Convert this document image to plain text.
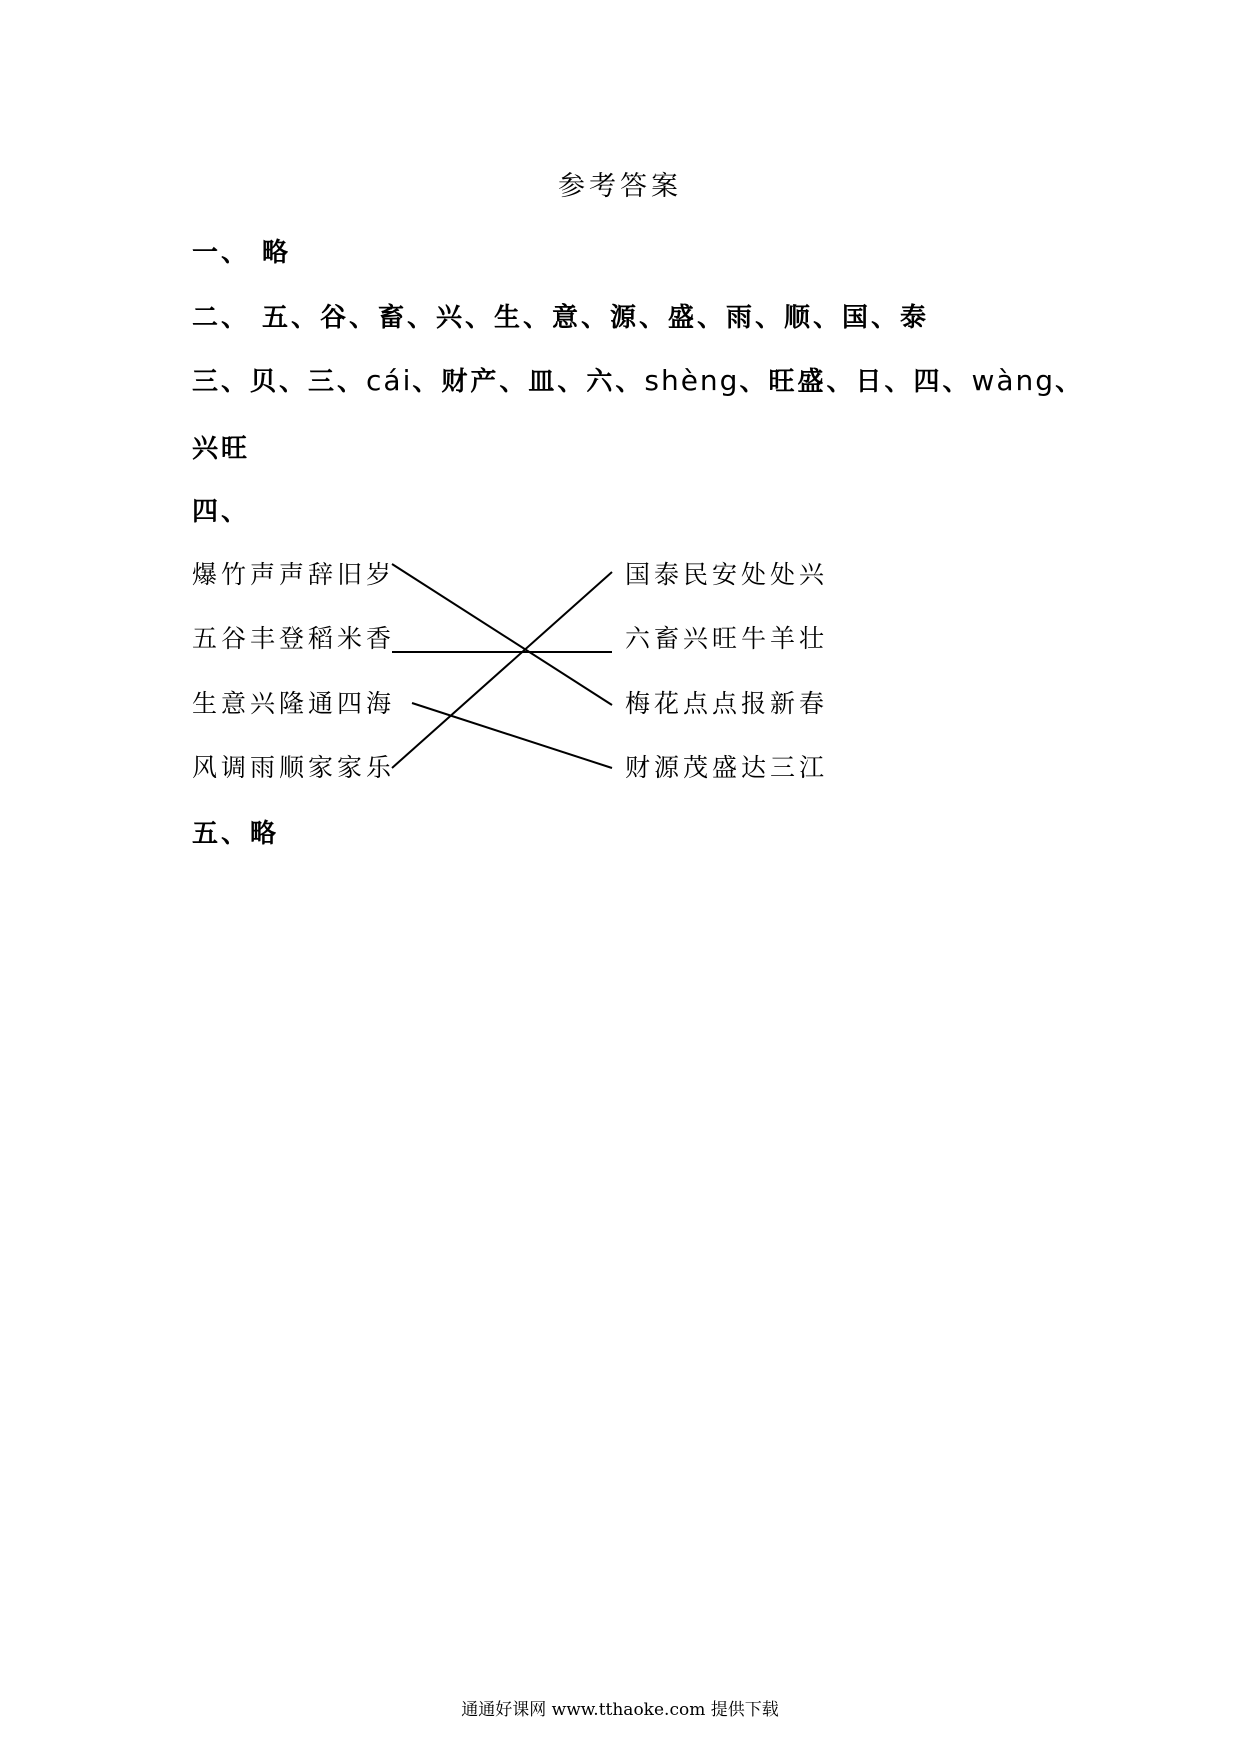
参考答案
一、 略
二、 五、谷、畜、兴、生、意、源、盛、雨、顺、国、泰
三、贝、三、cái、财产、皿、六、shèng、旺盛、日、四、wàng、
兴旺
四、
爆竹声声辞旧岁
五谷丰登稻米香
生意兴隆通四海
风调雨顺家家乐
国泰民安处处兴
六畜兴旺牛羊壮
梅花点点报新春
财源茂盛达三江
五、略
通通好课网 www.tthaoke.com 提供下载
